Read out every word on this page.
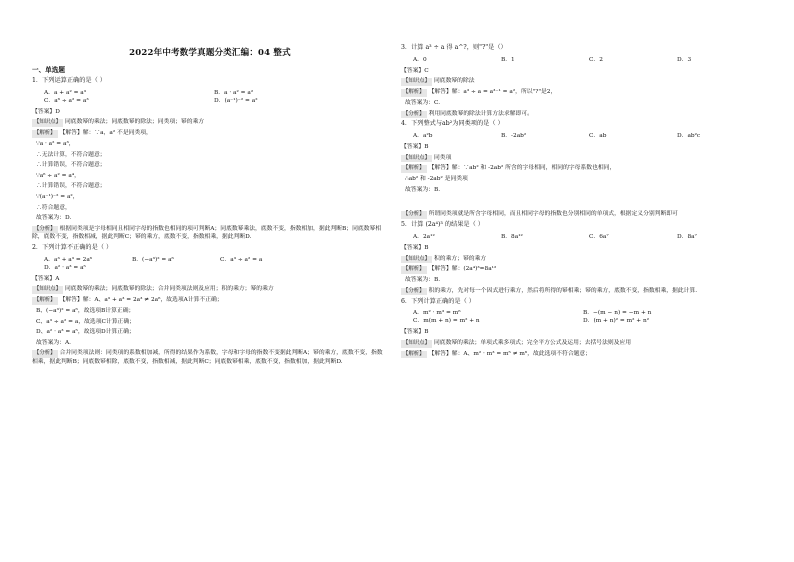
2022年中考数学真题分类汇编：04 整式
一、单选题
1．下列运算正确的是（ ）
A．a + a² = a³	B．a · a² = a²
C．a⁶ ÷ a² = a³	D．(a⁻¹)⁻² = a²
【答案】D
【知识点】 同底数幂的乘法；同底数幂的除法；同类项；幂的乘方
【解析】 【解答】解：∵a，a² 不是同类项，
∵a · a² = a³，
∴无法计算，不符合题意；
∴计算错误，不符合题意；
∵a⁶ ÷ a² = a⁴，
∴计算错误，不符合题意；
∵(a⁻¹)⁻² = a²，
∴符合题意，
故答案为：D.
【分析】 根据同类项是字母相同且相同字母的指数也相同的项可判断A；同底数幂乘法，底数不变，指数相加，据此判断B；同底数幂相除，底数不变，指数相减，据此判断C；幂的乘方，底数不变，指数相乘，据此判断D.
2．下列计算不正确的是（ ）
A．a³ + a³ = 2a⁶	B．(−a³)² = a⁶	C．a³ ÷ a² = a
D．a² · a³ = a⁵
【答案】A
【知识点】 同底数幂的乘法；同底数幂的除法；合并同类项法则及应用；积的乘方；幂的乘方
【解析】 【解答】解：A、a³ + a³ = 2a³ ≠ 2a⁶，故选项A计算不正确；
B、(−a³)² = a⁶，故选项B计算正确；
C、a³ ÷ a² = a，故选项C计算正确；
D、a² · a³ = a⁵，故选项D计算正确；
故答案为：A.
【分析】 合并同类项法则：同类项的系数相加减，所得的结果作为系数，字母和字母的指数不变据此判断A；幂的乘方，底数不变，指数相乘，据此判断B；同底数幂相除，底数不变，指数相减，据此判断C；同底数幂相乘，底数不变，指数相加，据此判断D.
3．计算 a³ ÷ a 得 a^?，则"?"是（）
A．0	B．1	C．2	D．3
【答案】C
【知识点】 同底数幂的除法
【解析】 【解答】解：a³ ÷ a = a³⁻¹ = a²，所以"?"是2，
故答案为：C.
【分析】 利用同底数幂的除法计算方法求解即可。
4．下列整式与ab²为同类项的是（ ）
A．a²b	B．-2ab²	C．ab	D．ab²c
【答案】B
【知识点】 同类项
【解析】 【解答】解：∵ab² 和 -2ab² 所含的字母相同，相同的字母系数也相同，
∴ab² 和 -2ab² 是同类项
故答案为：B.
【分析】 所谓同类项就是所含字母相同，而且相同字母的指数也分别相同的单项式，根据定义分别判断即可
5．计算 (2a⁴)³ 的结果是（ ）
A．2a¹²	B．8a¹²	C．6a⁷	D．8a⁷
【答案】B
【知识点】 积的乘方；幂的乘方
【解析】 【解答】解：(2a⁴)³=8a¹²
故答案为：B.
【分析】 积的乘方，先对每一个因式进行乘方，然后将所得的幂相乘；幂的乘方，底数不变，指数相乘，据此计算.
6．下列计算正确的是（ ）
A．m² · m³ = m⁶	B．−(m − n) = −m + n
C．m(m + n) = m² + n	D．(m + n)² = m² + n²
【答案】B
【知识点】 同底数幂的乘法；单项式乘多项式；完全平方公式及运用；去括号法则及应用
【解析】 【解答】解：A、m² · m³ = m⁵ ≠ m⁶，故此选项不符合题意；
